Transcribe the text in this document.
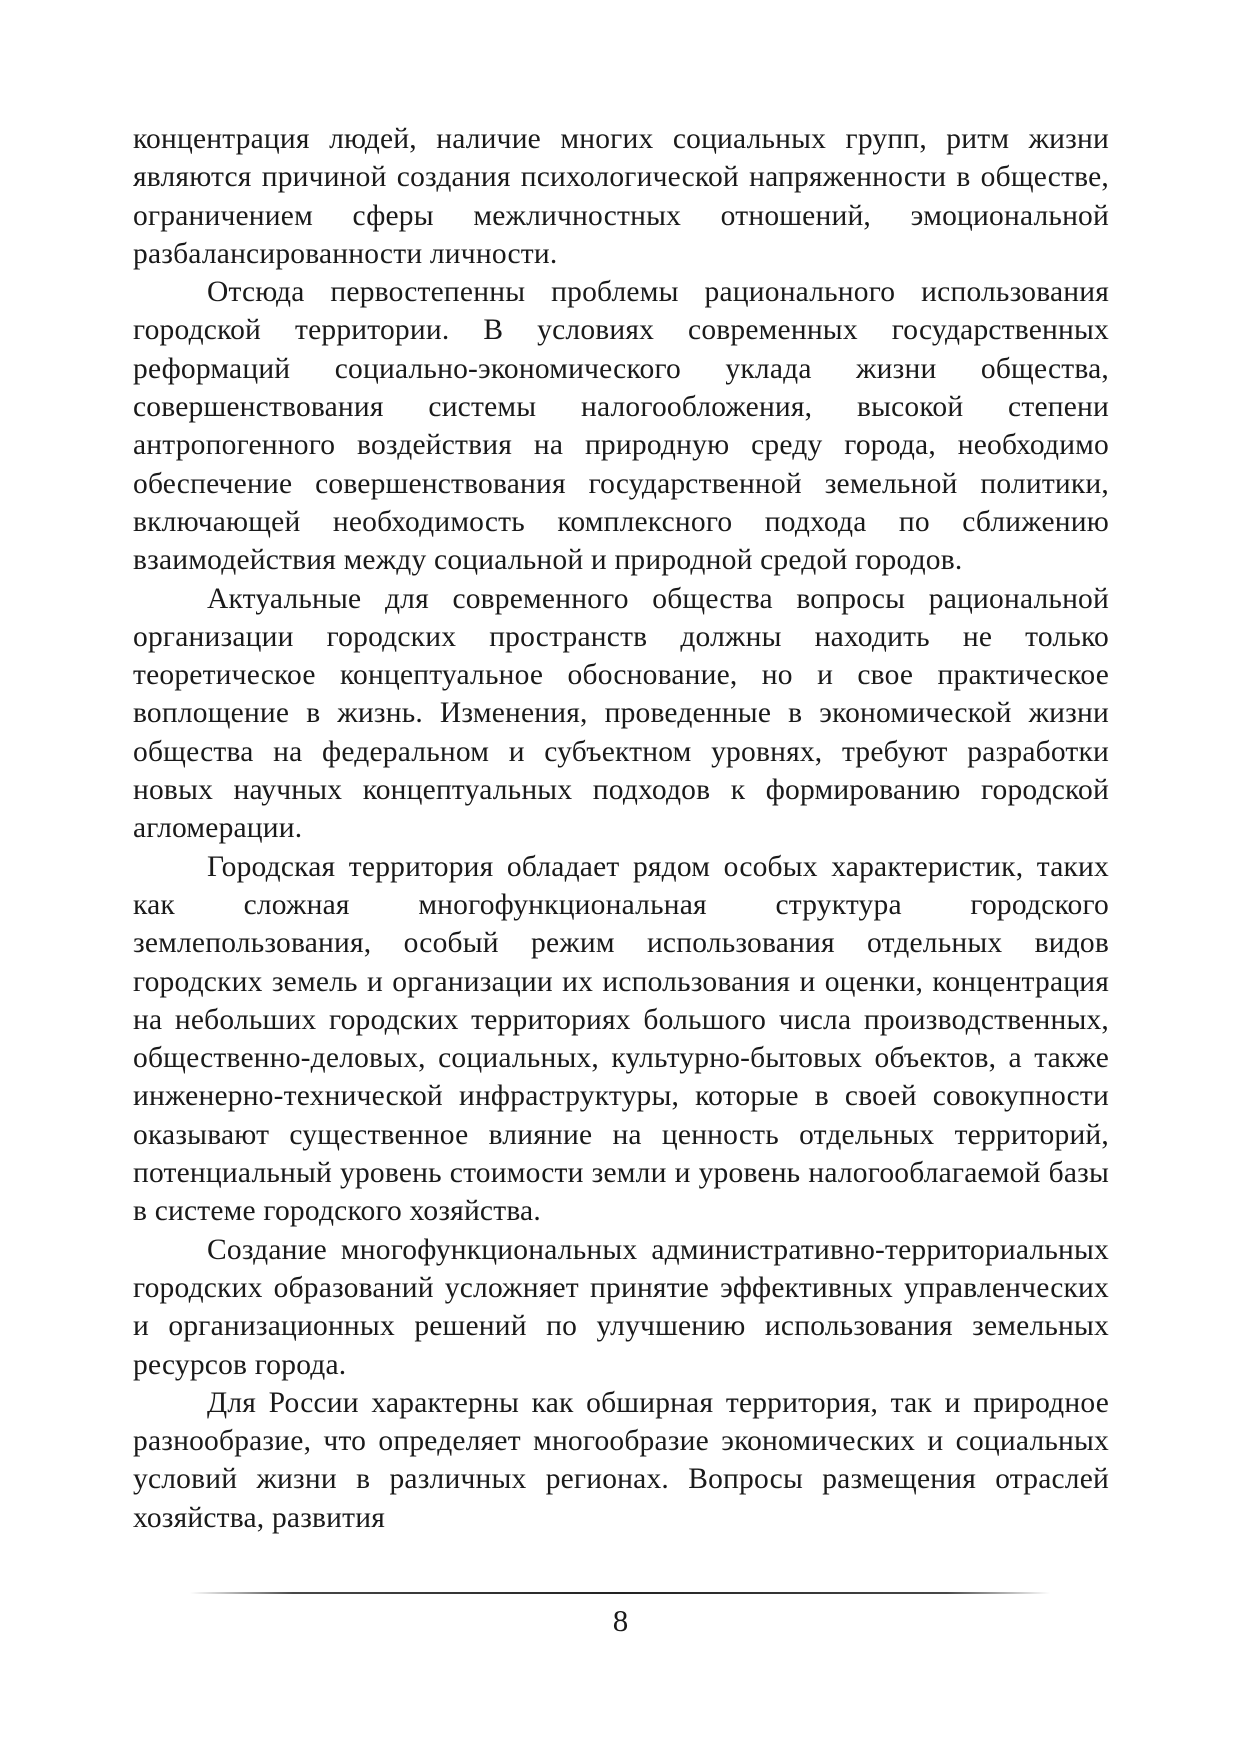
концентрация людей, наличие многих социальных групп, ритм жизни являются причиной создания психологической напряженности в обществе, ограничением сферы межличностных отношений, эмоциональной разбалансированности личности.

Отсюда первостепенны проблемы рационального использования городской территории. В условиях современных государственных реформаций социально-экономического уклада жизни общества, совершенствования системы налогообложения, высокой степени антропогенного воздействия на природную среду города, необходимо обеспечение совершенствования государственной земельной политики, включающей необходимость комплексного подхода по сближению взаимодействия между социальной и природной средой городов.

Актуальные для современного общества вопросы рациональной организации городских пространств должны находить не только теоретическое концептуальное обоснование, но и свое практическое воплощение в жизнь. Изменения, проведенные в экономической жизни общества на федеральном и субъектном уровнях, требуют разработки новых научных концептуальных подходов к формированию городской агломерации.

Городская территория обладает рядом особых характеристик, таких как сложная многофункциональная структура городского землепользования, особый режим использования отдельных видов городских земель и организации их использования и оценки, концентрация на небольших городских территориях большого числа производственных, общественно-деловых, социальных, культурно-бытовых объектов, а также инженерно-технической инфраструктуры, которые в своей совокупности оказывают существенное влияние на ценность отдельных территорий, потенциальный уровень стоимости земли и уровень налогооблагаемой базы в системе городского хозяйства.

Создание многофункциональных административно-территориальных городских образований усложняет принятие эффективных управленческих и организационных решений по улучшению использования земельных ресурсов города.

Для России характерны как обширная территория, так и природное разнообразие, что определяет многообразие экономических и социальных условий жизни в различных регионах. Вопросы размещения отраслей хозяйства, развития

8
